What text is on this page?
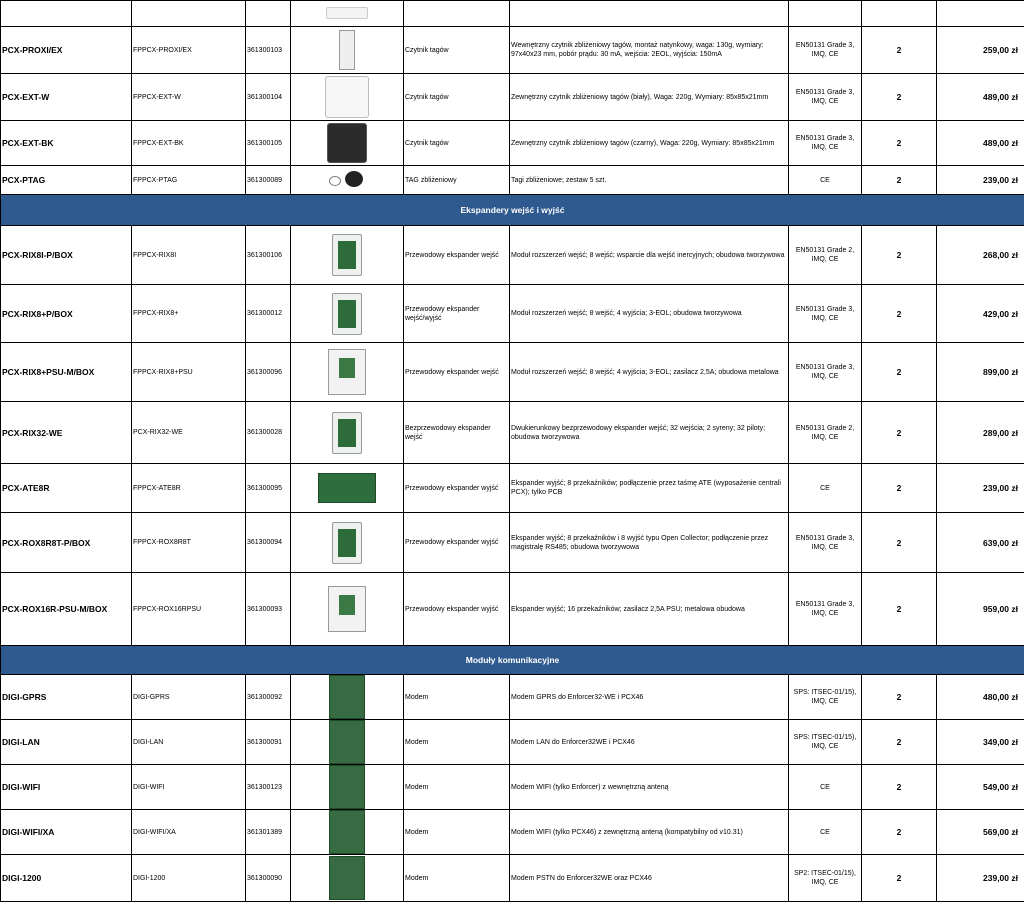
PCX-PROXI/EX	FPPCX-PROXI/EX	361300103		Czytnik tagów	Wewnętrzny czytnik zbliżeniowy tagów, montaż natynkowy, waga: 130g, wymiary: 97x40x23 mm, pobór prądu: 30 mA, wejścia: 2EOL, wyjścia: 150mA	EN50131 Grade 3, IMQ, CE	2	259,00 zł
PCX-EXT-W	FPPCX-EXT-W	361300104		Czytnik tagów	Zewnętrzny czytnik zbliżeniowy tagów (biały), Waga: 220g, Wymiary: 85x85x21mm	EN50131 Grade 3, IMQ, CE	2	489,00 zł
PCX-EXT-BK	FPPCX-EXT-BK	361300105		Czytnik tagów	Zewnętrzny czytnik zbliżeniowy tagów (czarny), Waga: 220g, Wymiary: 85x85x21mm	EN50131 Grade 3, IMQ, CE	2	489,00 zł
PCX-PTAG	FPPCX-PTAG	361300089		TAG zbliżeniowy	Tagi zbliżeniowe; zestaw 5 szt.	CE	2	239,00 zł
Ekspandery wejść i wyjść								
PCX-RIX8I-P/BOX	FPPCX-RIX8I	361300106		Przewodowy ekspander wejść	Moduł rozszerzeń wejść; 8 wejść; wsparcie dla wejść inercyjnych; obudowa tworzywowa	EN50131 Grade 2, IMQ, CE	2	268,00 zł
PCX-RIX8+P/BOX	FPPCX-RIX8+	361300012		Przewodowy ekspander wejść/wyjść	Moduł rozszerzeń wejść; 8 wejść; 4 wyjścia; 3-EOL; obudowa tworzywowa	EN50131 Grade 3, IMQ, CE	2	429,00 zł
PCX-RIX8+PSU-M/BOX	FPPCX-RIX8+PSU	361300096		Przewodowy ekspander wejść	Moduł rozszerzeń wejść; 8 wejść; 4 wyjścia; 3-EOL; zasilacz 2,5A; obudowa metalowa	EN50131 Grade 3, IMQ, CE	2	899,00 zł
PCX-RIX32-WE	PCX-RIX32-WE	361300028		Bezprzewodowy ekspander wejść	Dwukierunkowy bezprzewodowy ekspander wejść; 32 wejścia; 2 syreny; 32 piloty; obudowa tworzywowa	EN50131 Grade 2, IMQ, CE	2	289,00 zł
PCX-ATE8R	FPPCX-ATE8R	361300095		Przewodowy ekspander wyjść	Ekspander wyjść; 8 przekaźników; podłączenie przez taśmę ATE (wyposażenie centrali PCX); tylko PCB	CE	2	239,00 zł
PCX-ROX8R8T-P/BOX	FPPCX-ROX8R8T	361300094		Przewodowy ekspander wyjść	Ekspander wyjść; 8 przekaźników i 8 wyjść typu Open Collector; podłączenie przez magistralę RS485; obudowa tworzywowa	EN50131 Grade 3, IMQ, CE	2	639,00 zł
PCX-ROX16R-PSU-M/BOX	FPPCX-ROX16RPSU	361300093		Przewodowy ekspander wyjść	Ekspander wyjść; 16 przekaźników; zasilacz 2,5A PSU; metalowa obudowa	EN50131 Grade 3, IMQ, CE	2	959,00 zł
Moduły komunikacyjne								
DIGI-GPRS	DIGI-GPRS	361300092		Modem	Modem GPRS do Enforcer32-WE i PCX46	SPS: ITSEC-01/15), IMQ, CE	2	480,00 zł
DIGI-LAN	DIGI-LAN	361300091		Modem	Modem LAN do Enforcer32WE i PCX46	SPS: ITSEC-01/15), IMQ, CE	2	349,00 zł
DIGI-WIFI	DIGI-WIFI	361300123		Modem	Modem WIFI (tylko Enforcer) z wewnętrzną anteną	CE	2	549,00 zł
DIGI-WIFI/XA	DIGI-WIFI/XA	361301389		Modem	Modem WIFI (tylko PCX46) z zewnętrzną anteną (kompatybilny od v10.31)	CE	2	569,00 zł
DIGI-1200	DIGI-1200	361300090		Modem	Modem PSTN do Enforcer32WE oraz PCX46	SP2: ITSEC-01/15), IMQ, CE	2	239,00 zł
